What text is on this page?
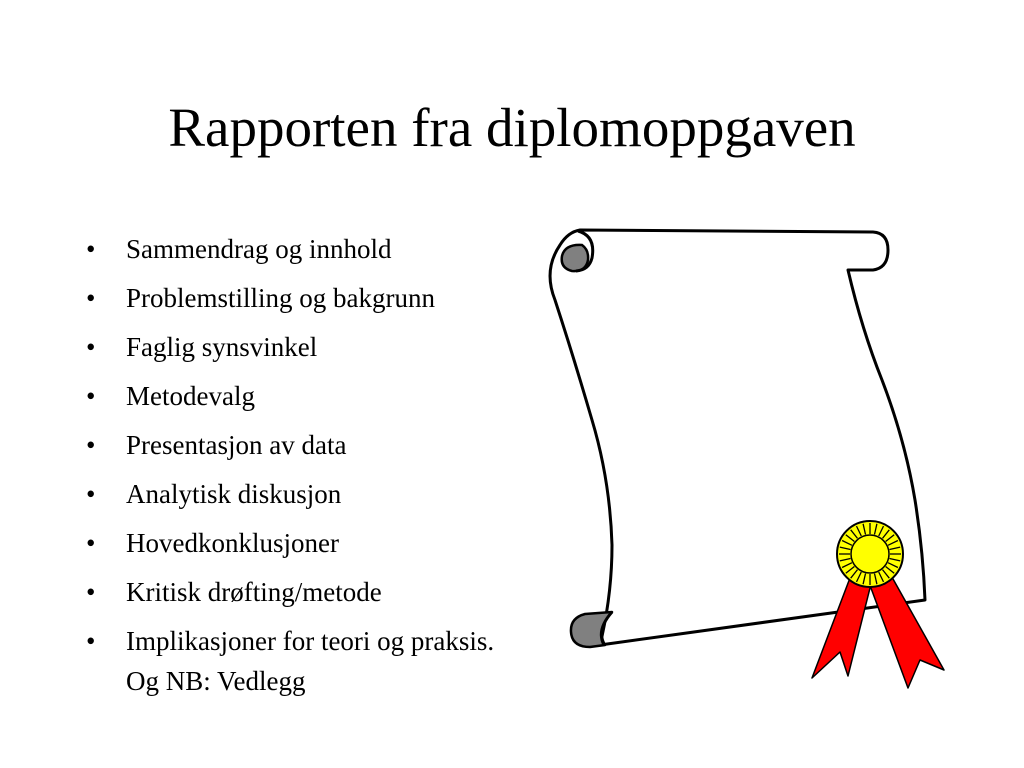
Rapporten fra diplomoppgaven
•	Sammendrag og innhold
•	Problemstilling og bakgrunn
•	Faglig synsvinkel
•	Metodevalg
•	Presentasjon av data
•	Analytisk diskusjon
•	Hovedkonklusjoner
•	Kritisk drøfting/metode
•	Implikasjoner for teori og praksis. Og NB: Vedlegg
